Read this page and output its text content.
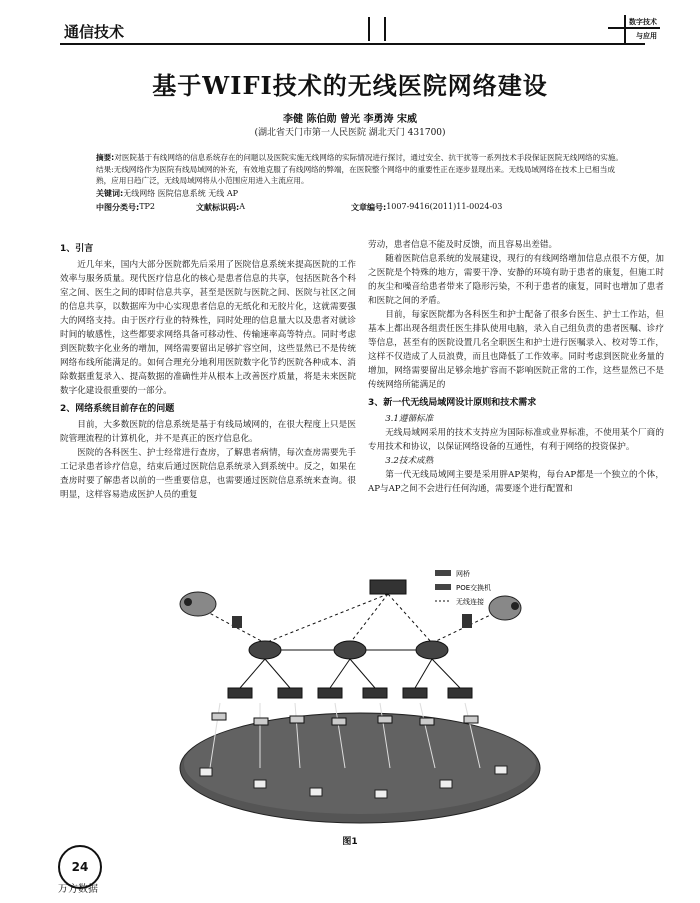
通信技术
数字技术
与应用
基于WIFI技术的无线医院网络建设
李健 陈伯勋 曾光 李勇涛 宋威
(湖北省天门市第一人民医院 湖北天门 431700)
摘要:对医院基于有线网络的信息系统存在的问题以及医院实施无线网络的实际情况进行探讨，通过安全、抗干扰等一系列技术手段保证医院无线网络的实施。结果:无线网络作为医院有线局域网的补充，有效地克服了有线网络的弊端，在医院整个网络中的重要性正在逐步显现出来。无线局域网络在技术上已相当成熟，应用日趋广泛，无线局域网将从小范围应用进入主流应用。
关键词:无线网络 医院信息系统 无线 AP
中图分类号: TP2	文献标识码: A	文章编号: 1007-9416(2011)11-0024-03
1、引言

近几年来，国内大部分医院都先后采用了医院信息系统来提高医院的工作效率与服务质量。现代医疗信息化的核心是患者信息的共享，包括医院各个科室之间、医生之间的即时信息共享，甚至是医院与医院之间、医院与社区之间的信息共享，以数据库为中心实现患者信息的无纸化和无胶片化，这就需要强大的网络支持。由于医疗行业的特殊性，同时处理的信息量大以及患者对就诊时间的敏感性，这些都要求网络具备可移动性、传输速率高等特点。同时考虑到医院数字化业务的增加，网络需要留出足够扩容空间，这些显然已不是传统网络布线所能满足的。如何合理充分地利用医院数字化节约医院各种成本、消除数据重复录入、提高数据的准确性并从根本上改善医疗质量，将是未来医院数字化建设很重要的一部分。

2、网络系统目前存在的问题

目前，大多数医院的信息系统是基于有线局域网的，在很大程度上只是医院管理流程的计算机化，并不是真正的医疗信息化。

医院的各科医生、护士经常进行查房，了解患者病情，每次查房需要先手工记录患者诊疗信息，结束后通过医院信息系统录入到系统中。反之，如果在查房时要了解患者以前的一些重要信息，也需要通过医院信息系统来查询。很明显，这样容易造成医护人员的重复

劳动，患者信息不能及时反馈，而且容易出差错。

随着医院信息系统的发展建设，现行的有线网络增加信息点很不方便，加之医院是个特殊的地方，需要干净、安静的环境有助于患者的康复，但施工时的灰尘和噪音给患者带来了隐形污染，不利于患者的康复，同时也增加了患者和医院之间的矛盾。

目前，每家医院都为各科医生和护士配备了很多台医生、护士工作站，但基本上都出现各组责任医生排队使用电脑，录入自己组负责的患者医嘱、诊疗等信息，甚至有的医院设置几名全职医生和护士进行医嘱录入、校对等工作，这样不仅造成了人员浪费，而且也降低了工作效率。同时考虑到医院业务量的增加，网络需要留出足够余地扩容而不影响医院正常的工作，这些显然已不是传统网络所能满足的

3、新一代无线局域网设计原则和技术需求

3.1遵循标准

无线局域网采用的技术支持应为国际标准或业界标准，不使用某个厂商的专用技术和协议，以保证网络设备的互通性，有利于网络的投资保护。

3.2技术成熟

第一代无线局域网主要是采用胖AP架构，每台AP都是一个独立的个体，AP与AP之间不会进行任何沟通，需要逐个进行配置和

网桥
POE交换机
无线连接
图1
24
万方数据
